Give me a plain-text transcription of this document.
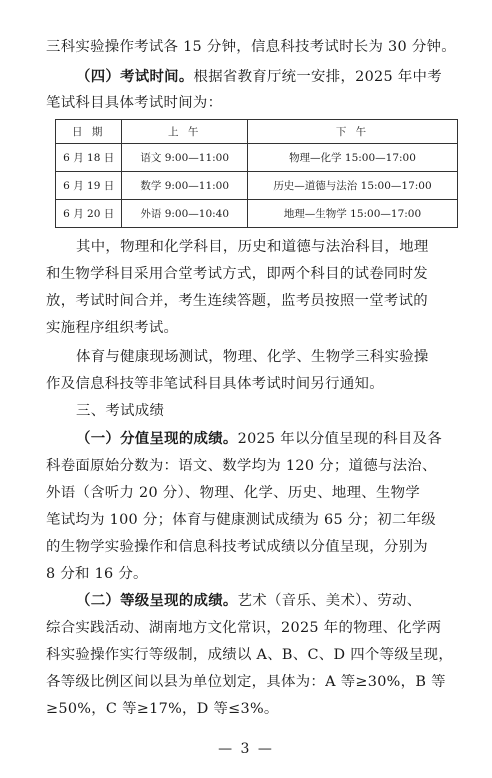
三科实验操作考试各 15 分钟，信息科技考试时长为 30 分钟。
（四）考试时间。根据省教育厅统一安排，2025 年中考
笔试科目具体考试时间为：
日 期	上 午	下 午
6 月 18 日	语文 9:00—11:00	物理—化学 15:00—17:00
6 月 19 日	数学 9:00—11:00	历史—道德与法治 15:00—17:00
6 月 20 日	外语 9:00—10:40	地理—生物学 15:00—17:00
其中，物理和化学科目，历史和道德与法治科目，地理
和生物学科目采用合堂考试方式，即两个科目的试卷同时发
放，考试时间合并，考生连续答题，监考员按照一堂考试的
实施程序组织考试。
体育与健康现场测试，物理、化学、生物学三科实验操
作及信息科技等非笔试科目具体考试时间另行通知。
三、考试成绩
（一）分值呈现的成绩。2025 年以分值呈现的科目及各
科卷面原始分数为：语文、数学均为 120 分；道德与法治、
外语（含听力 20 分）、物理、化学、历史、地理、生物学
笔试均为 100 分；体育与健康测试成绩为 65 分；初二年级
的生物学实验操作和信息科技考试成绩以分值呈现，分别为
8 分和 16 分。
（二）等级呈现的成绩。艺术（音乐、美术）、劳动、
综合实践活动、湖南地方文化常识，2025 年的物理、化学两
科实验操作实行等级制，成绩以 A、B、C、D 四个等级呈现，
各等级比例区间以县为单位划定，具体为：A 等≥30%，B 等
≥50%，C 等≥17%，D 等≤3%。
— 3 —
